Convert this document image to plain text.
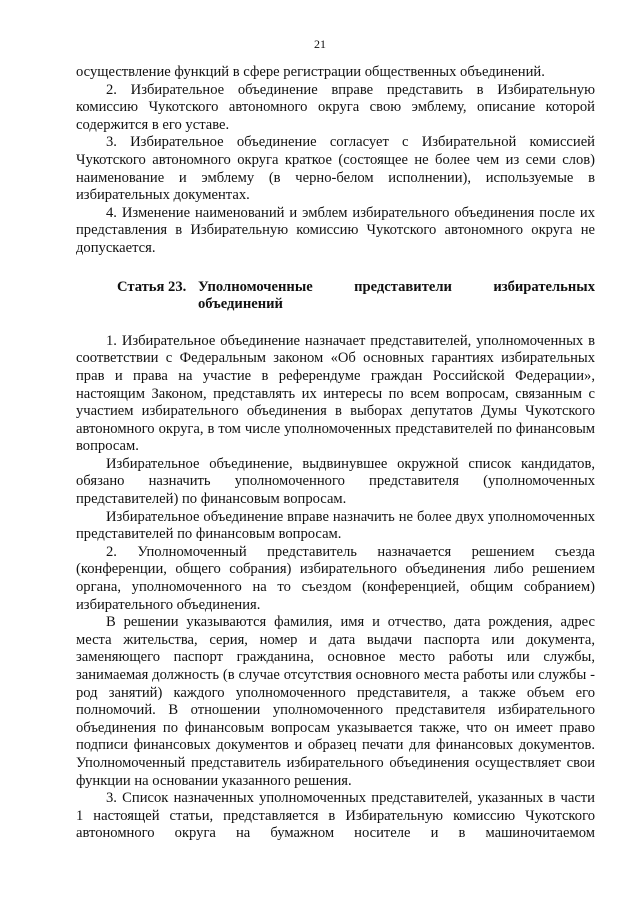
21

осуществление функций в сфере регистрации общественных объединений.

2. Избирательное объединение вправе представить в Избирательную комиссию Чукотского автономного округа свою эмблему, описание которой содержится в его уставе.

3. Избирательное объединение согласует с Избирательной комиссией Чукотского автономного округа краткое (состоящее не более чем из семи слов) наименование и эмблему (в черно-белом исполнении), используемые в избирательных документах.

4. Изменение наименований и эмблем избирательного объединения после их представления в Избирательную комиссию Чукотского автономного округа не допускается.

Статья 23. Уполномоченные представители избирательных объединений

1. Избирательное объединение назначает представителей, уполномоченных в соответствии с Федеральным законом «Об основных гарантиях избирательных прав и права на участие в референдуме граждан Российской Федерации», настоящим Законом, представлять их интересы по всем вопросам, связанным с участием избирательного объединения в выборах депутатов Думы Чукотского автономного округа, в том числе уполномоченных представителей по финансовым вопросам.

Избирательное объединение, выдвинувшее окружной список кандидатов, обязано назначить уполномоченного представителя (уполномоченных представителей) по финансовым вопросам.

Избирательное объединение вправе назначить не более двух уполномоченных представителей по финансовым вопросам.

2. Уполномоченный представитель назначается решением съезда (конференции, общего собрания) избирательного объединения либо решением органа, уполномоченного на то съездом (конференцией, общим собранием) избирательного объединения.

В решении указываются фамилия, имя и отчество, дата рождения, адрес места жительства, серия, номер и дата выдачи паспорта или документа, заменяющего паспорт гражданина, основное место работы или службы, занимаемая должность (в случае отсутствия основного места работы или службы - род занятий) каждого уполномоченного представителя, а также объем его полномочий. В отношении уполномоченного представителя избирательного объединения по финансовым вопросам указывается также, что он имеет право подписи финансовых документов и образец печати для финансовых документов. Уполномоченный представитель избирательного объединения осуществляет свои функции на основании указанного решения.

3. Список назначенных уполномоченных представителей, указанных в части 1 настоящей статьи, представляется в Избирательную комиссию Чукотского автономного округа на бумажном носителе и в машиночитаемом
